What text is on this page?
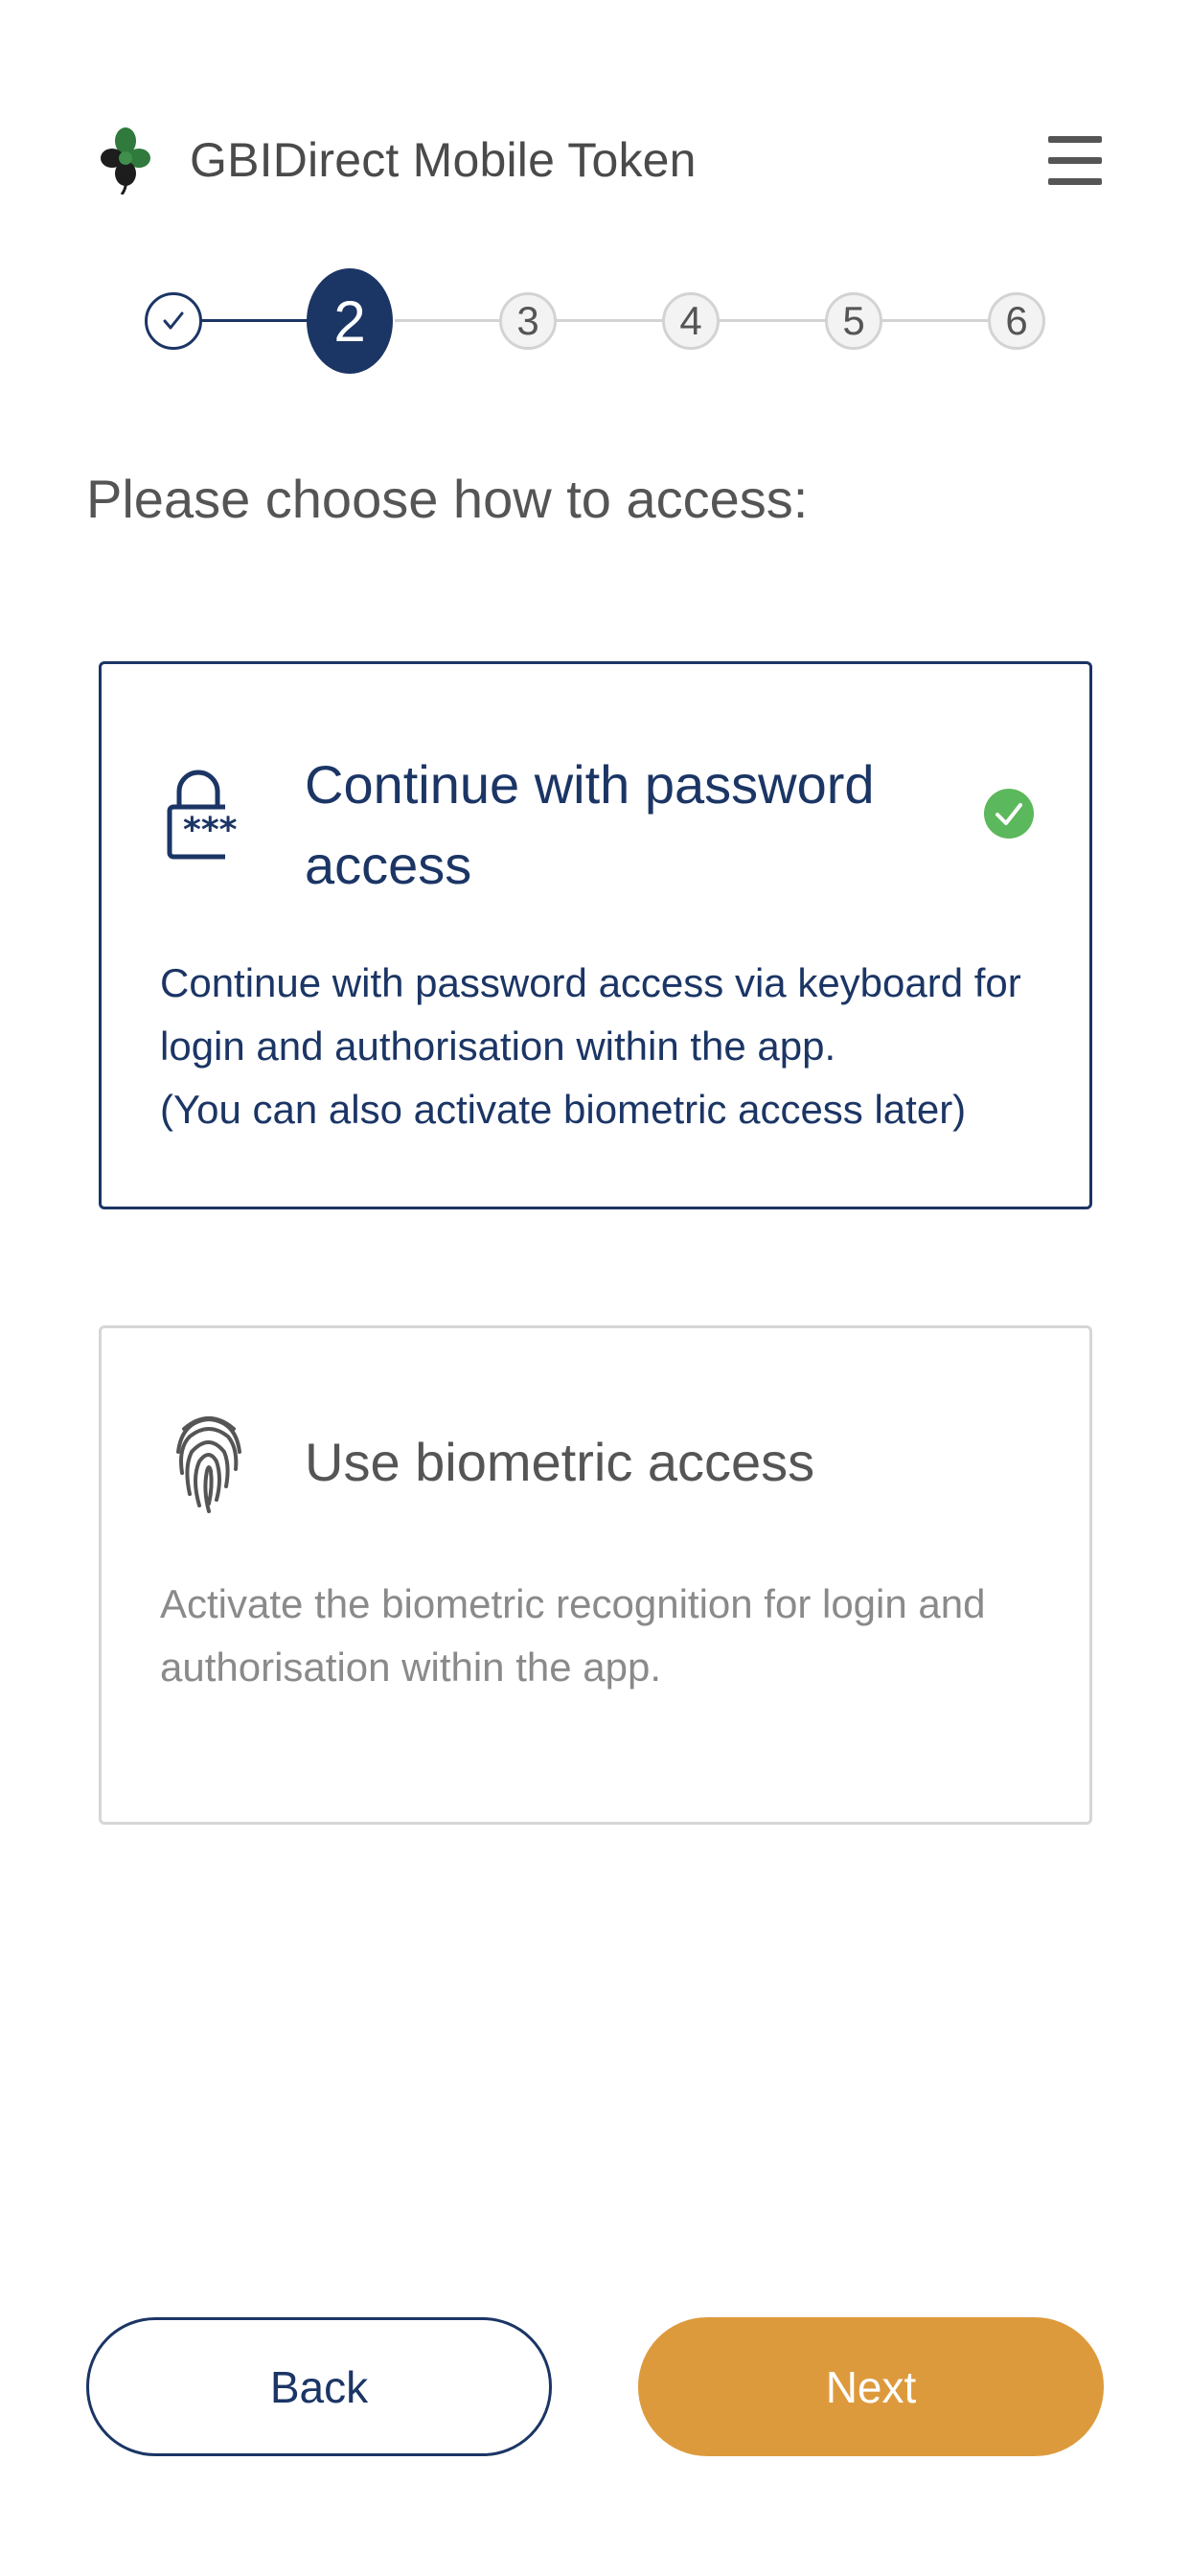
GBIDirect Mobile Token
2	3	4	5	6
Please choose how to access:
***
Continue with password access
Continue with password access via keyboard for login and authorisation within the app.
(You can also activate biometric access later)
Use biometric access
Activate the biometric recognition for login and authorisation within the app.
Back	Next
